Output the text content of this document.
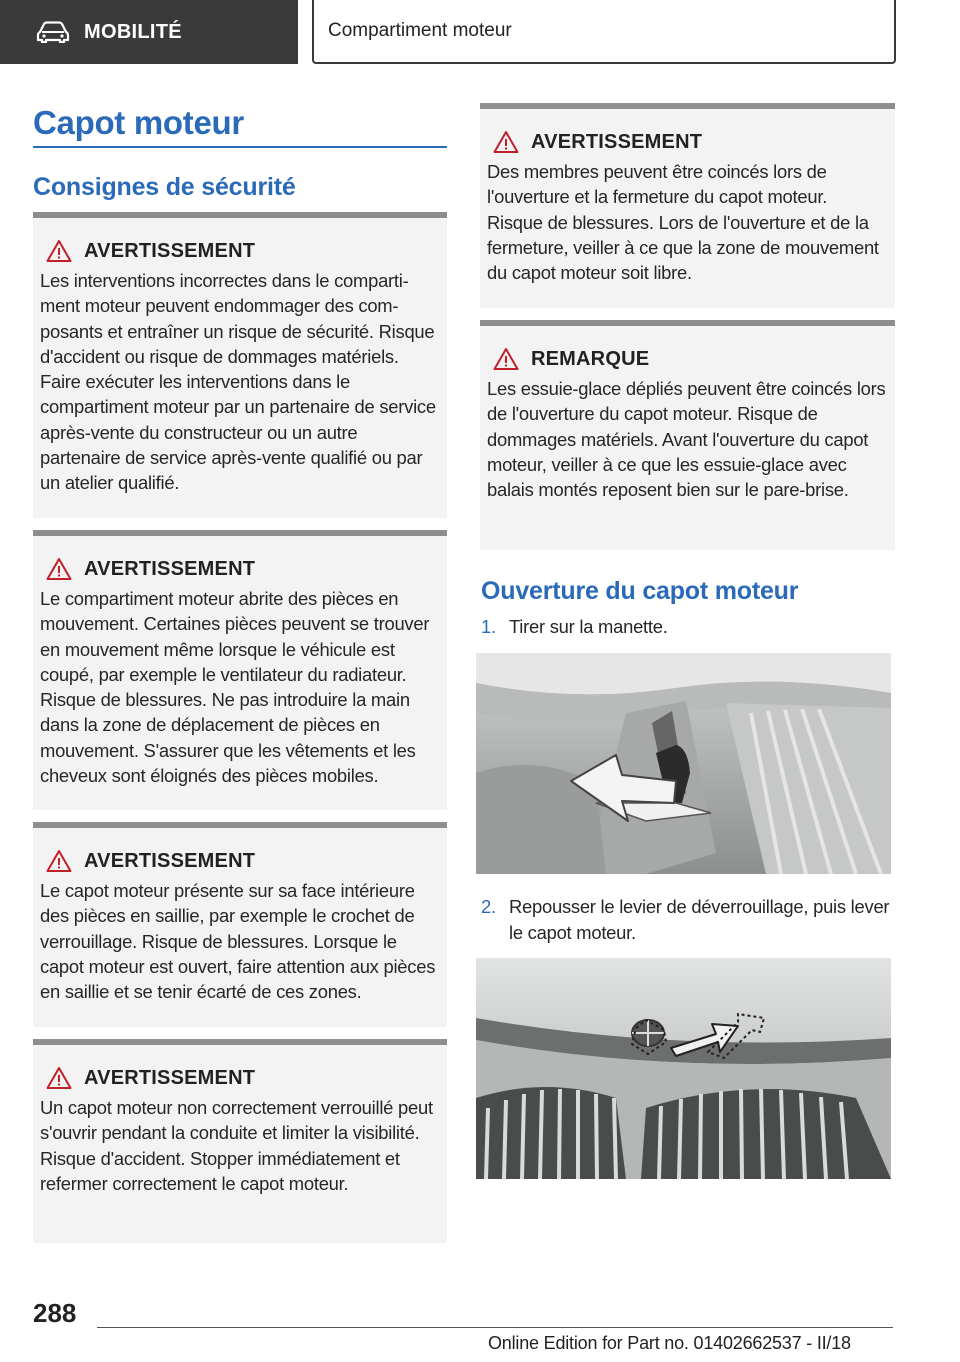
MOBILITÉ	Compartiment moteur
Capot moteur
Consignes de sécurité
AVERTISSEMENT
Les interventions incorrectes dans le compartiment moteur peuvent endommager des composants et entraîner un risque de sécurité. Risque d'accident ou risque de dommages matériels. Faire exécuter les interventions dans le compartiment moteur par un partenaire de service après-vente du constructeur ou un autre partenaire de service après-vente qualifié ou par un atelier qualifié.
AVERTISSEMENT
Le compartiment moteur abrite des pièces en mouvement. Certaines pièces peuvent se trouver en mouvement même lorsque le véhicule est coupé, par exemple le ventilateur du radiateur. Risque de blessures. Ne pas introduire la main dans la zone de déplacement de pièces en mouvement. S'assurer que les vêtements et les cheveux sont éloignés des pièces mobiles.
AVERTISSEMENT
Le capot moteur présente sur sa face intérieure des pièces en saillie, par exemple le crochet de verrouillage. Risque de blessures. Lorsque le capot moteur est ouvert, faire attention aux pièces en saillie et se tenir écarté de ces zones.
AVERTISSEMENT
Un capot moteur non correctement verrouillé peut s'ouvrir pendant la conduite et limiter la visibilité. Risque d'accident. Stopper immédiatement et refermer correctement le capot moteur.
AVERTISSEMENT
Des membres peuvent être coincés lors de l'ouverture et la fermeture du capot moteur. Risque de blessures. Lors de l'ouverture et de la fermeture, veiller à ce que la zone de mouvement du capot moteur soit libre.
REMARQUE
Les essuie-glace dépliés peuvent être coincés lors de l'ouverture du capot moteur. Risque de dommages matériels. Avant l'ouverture du capot moteur, veiller à ce que les essuie-glace avec balais montés reposent bien sur le pare-brise.
Ouverture du capot moteur
1. Tirer sur la manette.
2. Repousser le levier de déverrouillage, puis lever le capot moteur.
288
Online Edition for Part no. 01402662537 - II/18
